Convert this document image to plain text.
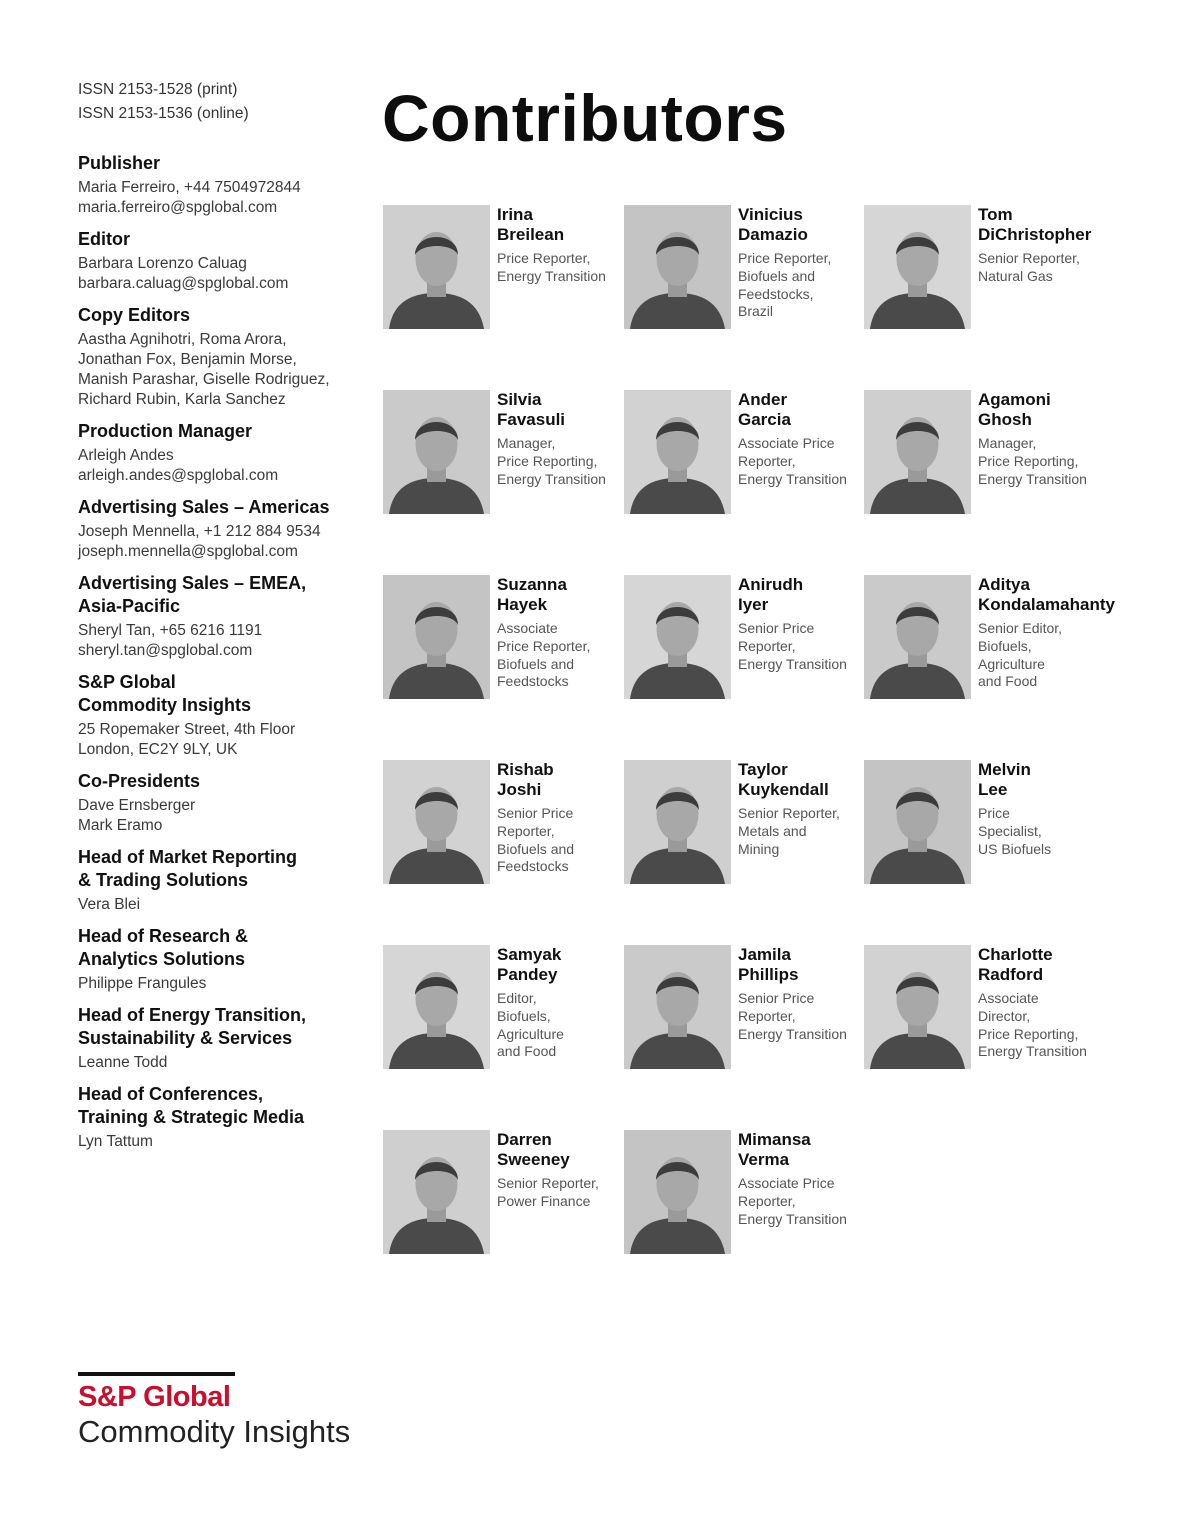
ISSN 2153-1528 (print)
ISSN 2153-1536 (online)
Publisher
Maria Ferreiro, +44 7504972844
maria.ferreiro@spglobal.com
Editor
Barbara Lorenzo Caluag
barbara.caluag@spglobal.com
Copy Editors
Aastha Agnihotri, Roma Arora,
Jonathan Fox, Benjamin Morse,
Manish Parashar, Giselle Rodriguez,
Richard Rubin, Karla Sanchez
Production Manager
Arleigh Andes
arleigh.andes@spglobal.com
Advertising Sales – Americas
Joseph Mennella, +1 212 884 9534
joseph.mennella@spglobal.com
Advertising Sales – EMEA,
Asia-Pacific
Sheryl Tan, +65 6216 1191
sheryl.tan@spglobal.com
S&P Global
Commodity Insights
25 Ropemaker Street, 4th Floor
London, EC2Y 9LY, UK
Co-Presidents
Dave Ernsberger
Mark Eramo
Head of Market Reporting
& Trading Solutions
Vera Blei
Head of Research &
Analytics Solutions
Philippe Frangules
Head of Energy Transition,
Sustainability & Services
Leanne Todd
Head of Conferences,
Training & Strategic Media
Lyn Tattum
Contributors
Irina
Breilean
Price Reporter,
Energy Transition
Vinicius
Damazio
Price Reporter,
Biofuels and
Feedstocks,
Brazil
Tom
DiChristopher
Senior Reporter,
Natural Gas
Silvia
Favasuli
Manager,
Price Reporting,
Energy Transition
Ander
Garcia
Associate Price
Reporter,
Energy Transition
Agamoni
Ghosh
Manager,
Price Reporting,
Energy Transition
Suzanna
Hayek
Associate
Price Reporter,
Biofuels and
Feedstocks
Anirudh
Iyer
Senior Price
Reporter,
Energy Transition
Aditya
Kondalamahanty
Senior Editor,
Biofuels,
Agriculture
and Food
Rishab
Joshi
Senior Price
Reporter,
Biofuels and
Feedstocks
Taylor
Kuykendall
Senior Reporter,
Metals and
Mining
Melvin
Lee
Price
Specialist,
US Biofuels
Samyak
Pandey
Editor,
Biofuels,
Agriculture
and Food
Jamila
Phillips
Senior Price
Reporter,
Energy Transition
Charlotte
Radford
Associate
Director,
Price Reporting,
Energy Transition
Darren
Sweeney
Senior Reporter,
Power Finance
Mimansa
Verma
Associate Price
Reporter,
Energy Transition
S&P Global
Commodity Insights
